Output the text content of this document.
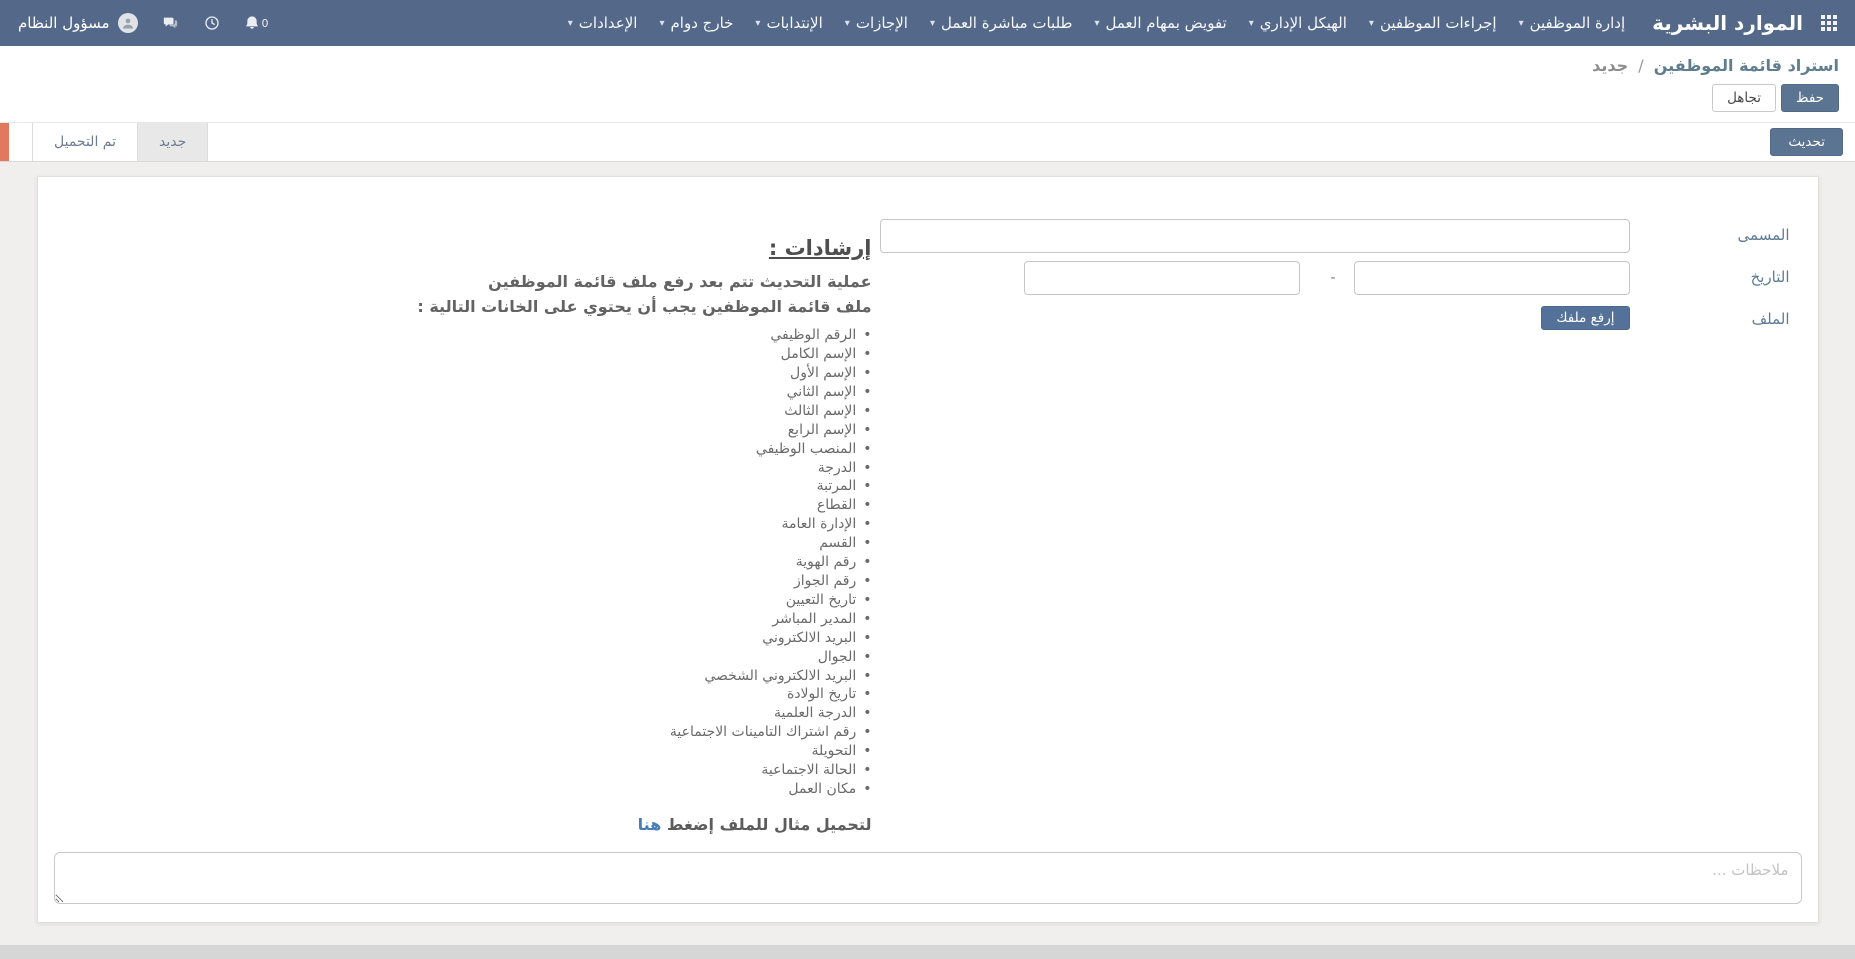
الموارد البشرية
إدارة الموظفين
▾
إجراءات الموظفين
▾
الهيكل الإداري
▾
تفويض بمهام العمل
▾
طلبات مباشرة العمل
▾
الإجازات
▾
الإنتدابات
▾
خارج دوام
▾
الإعدادات
▾
0
مسؤول النظام
استراد قائمة الموظفين / جديد
حفظ
تجاهل
تحديث
جديد
تم التحميل
المسمى
التاريخ
-
الملف
إرفع ملفك
إرشادات :

عملية التحديث تتم بعد رفع ملف قائمة الموظفين

ملف قائمة الموظفين يجب أن يحتوي على الخانات التالية :

• الرقم الوظيفي
• الإسم الكامل
• الإسم الأول
• الإسم الثاني
• الإسم الثالث
• الإسم الرابع
• المنصب الوظيفي
• الدرجة
• المرتبة
• القطاع
• الإدارة العامة
• القسم
• رقم الهوية
• رقم الجواز
• تاريخ التعيين
• المدير المباشر
• البريد الالكتروني
• الجوال
• البريد الالكتروني الشخصي
• تاريخ الولادة
• الدرجة العلمية
• رقم اشتراك التامينات الاجتماعية
• التحويلة
• الحالة الاجتماعية
• مكان العمل

لتحميل مثال للملف إضغط هنا

ملاحظات ...
